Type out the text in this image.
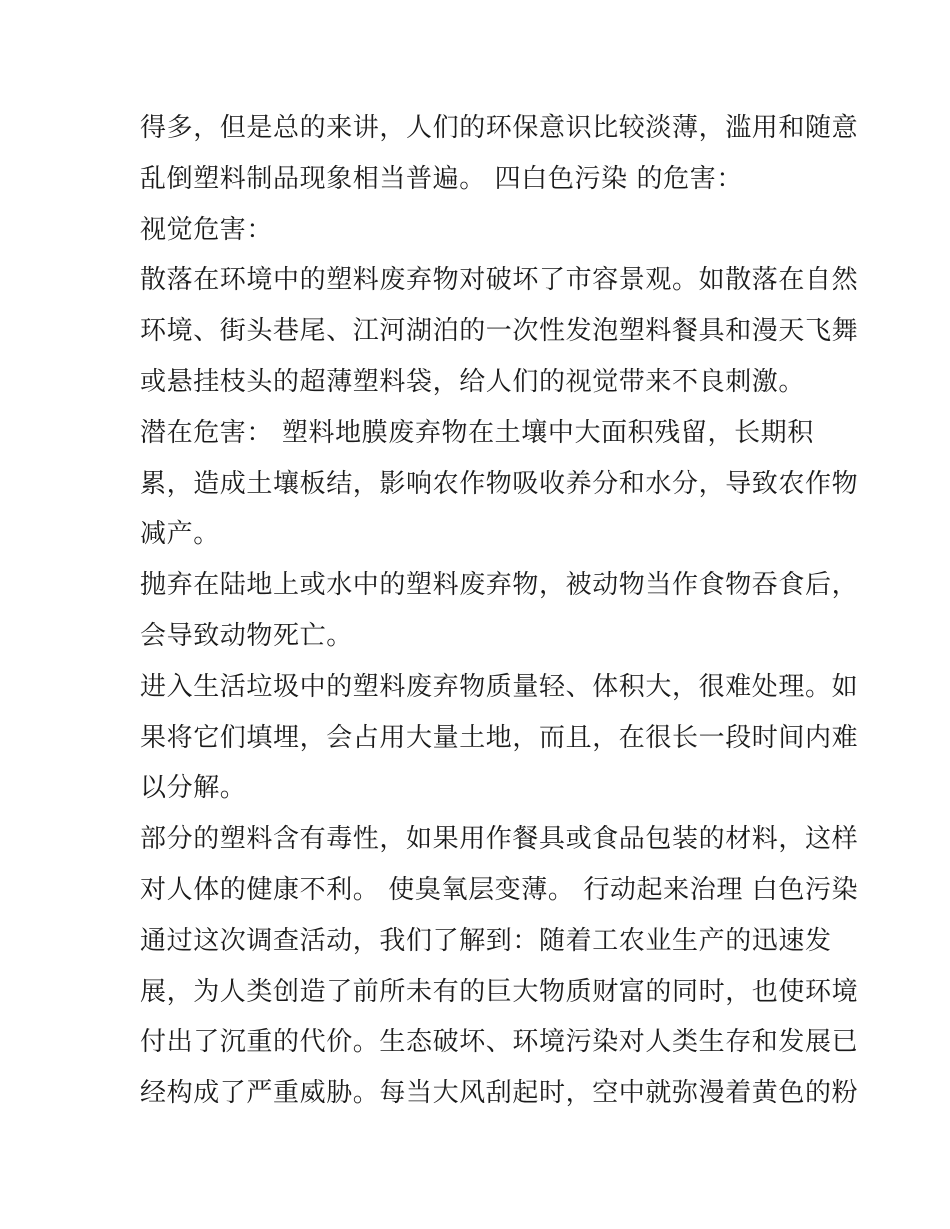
得多，但是总的来讲，人们的环保意识比较淡薄，滥用和随意
乱倒塑料制品现象相当普遍。 四白色污染 的危害：
视觉危害：
散落在环境中的塑料废弃物对破坏了市容景观。如散落在自然
环境、街头巷尾、江河湖泊的一次性发泡塑料餐具和漫天飞舞
或悬挂枝头的超薄塑料袋，给人们的视觉带来不良刺激。
潜在危害： 塑料地膜废弃物在土壤中大面积残留，长期积
累，造成土壤板结，影响农作物吸收养分和水分，导致农作物
减产。
抛弃在陆地上或水中的塑料废弃物，被动物当作食物吞食后，
会导致动物死亡。
进入生活垃圾中的塑料废弃物质量轻、体积大，很难处理。如
果将它们填埋，会占用大量土地，而且，在很长一段时间内难
以分解。
部分的塑料含有毒性，如果用作餐具或食品包装的材料，这样
对人体的健康不利。 使臭氧层变薄。 行动起来治理 白色污染
通过这次调查活动，我们了解到：随着工农业生产的迅速发
展，为人类创造了前所未有的巨大物质财富的同时，也使环境
付出了沉重的代价。生态破坏、环境污染对人类生存和发展已
经构成了严重威胁。每当大风刮起时，空中就弥漫着黄色的粉
